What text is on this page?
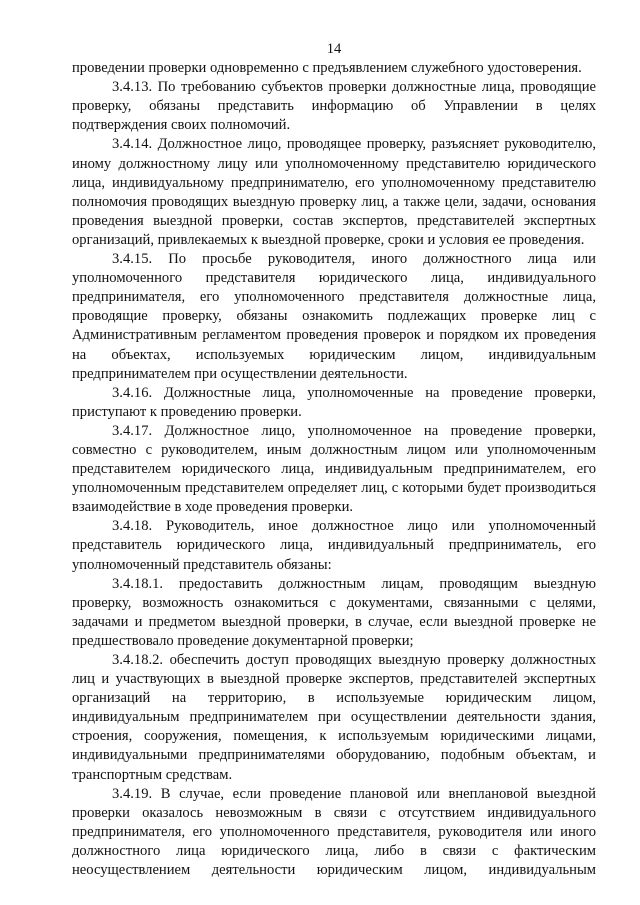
14

проведении проверки одновременно с предъявлением служебного удостоверения.

3.4.13. По требованию субъектов проверки должностные лица, проводящие проверку, обязаны представить информацию об Управлении в целях подтверждения своих полномочий.

3.4.14. Должностное лицо, проводящее проверку, разъясняет руководителю, иному должностному лицу или уполномоченному представителю юридического лица, индивидуальному предпринимателю, его уполномоченному представителю полномочия проводящих выездную проверку лиц, а также цели, задачи, основания проведения выездной проверки, состав экспертов, представителей экспертных организаций, привлекаемых к выездной проверке, сроки и условия ее проведения.

3.4.15. По просьбе руководителя, иного должностного лица или уполномоченного представителя юридического лица, индивидуального предпринимателя, его уполномоченного представителя должностные лица, проводящие проверку, обязаны ознакомить подлежащих проверке лиц с Административным регламентом проведения проверок и порядком их проведения на объектах, используемых юридическим лицом, индивидуальным предпринимателем при осуществлении деятельности.

3.4.16. Должностные лица, уполномоченные на проведение проверки, приступают к проведению проверки.

3.4.17. Должностное лицо, уполномоченное на проведение проверки, совместно с руководителем, иным должностным лицом или уполномоченным представителем юридического лица, индивидуальным предпринимателем, его уполномоченным представителем определяет лиц, с которыми будет производиться взаимодействие в ходе проведения проверки.

3.4.18. Руководитель, иное должностное лицо или уполномоченный представитель юридического лица, индивидуальный предприниматель, его уполномоченный представитель обязаны:

3.4.18.1. предоставить должностным лицам, проводящим выездную проверку, возможность ознакомиться с документами, связанными с целями, задачами и предметом выездной проверки, в случае, если выездной проверке не предшествовало проведение документарной проверки;

3.4.18.2. обеспечить доступ проводящих выездную проверку должностных лиц и участвующих в выездной проверке экспертов, представителей экспертных организаций на территорию, в используемые юридическим лицом, индивидуальным предпринимателем при осуществлении деятельности здания, строения, сооружения, помещения, к используемым юридическими лицами, индивидуальными предпринимателями оборудованию, подобным объектам, и транспортным средствам.

3.4.19. В случае, если проведение плановой или внеплановой выездной проверки оказалось невозможным в связи с отсутствием индивидуального предпринимателя, его уполномоченного представителя, руководителя или иного должностного лица юридического лица, либо в связи с фактическим неосуществлением деятельности юридическим лицом, индивидуальным
